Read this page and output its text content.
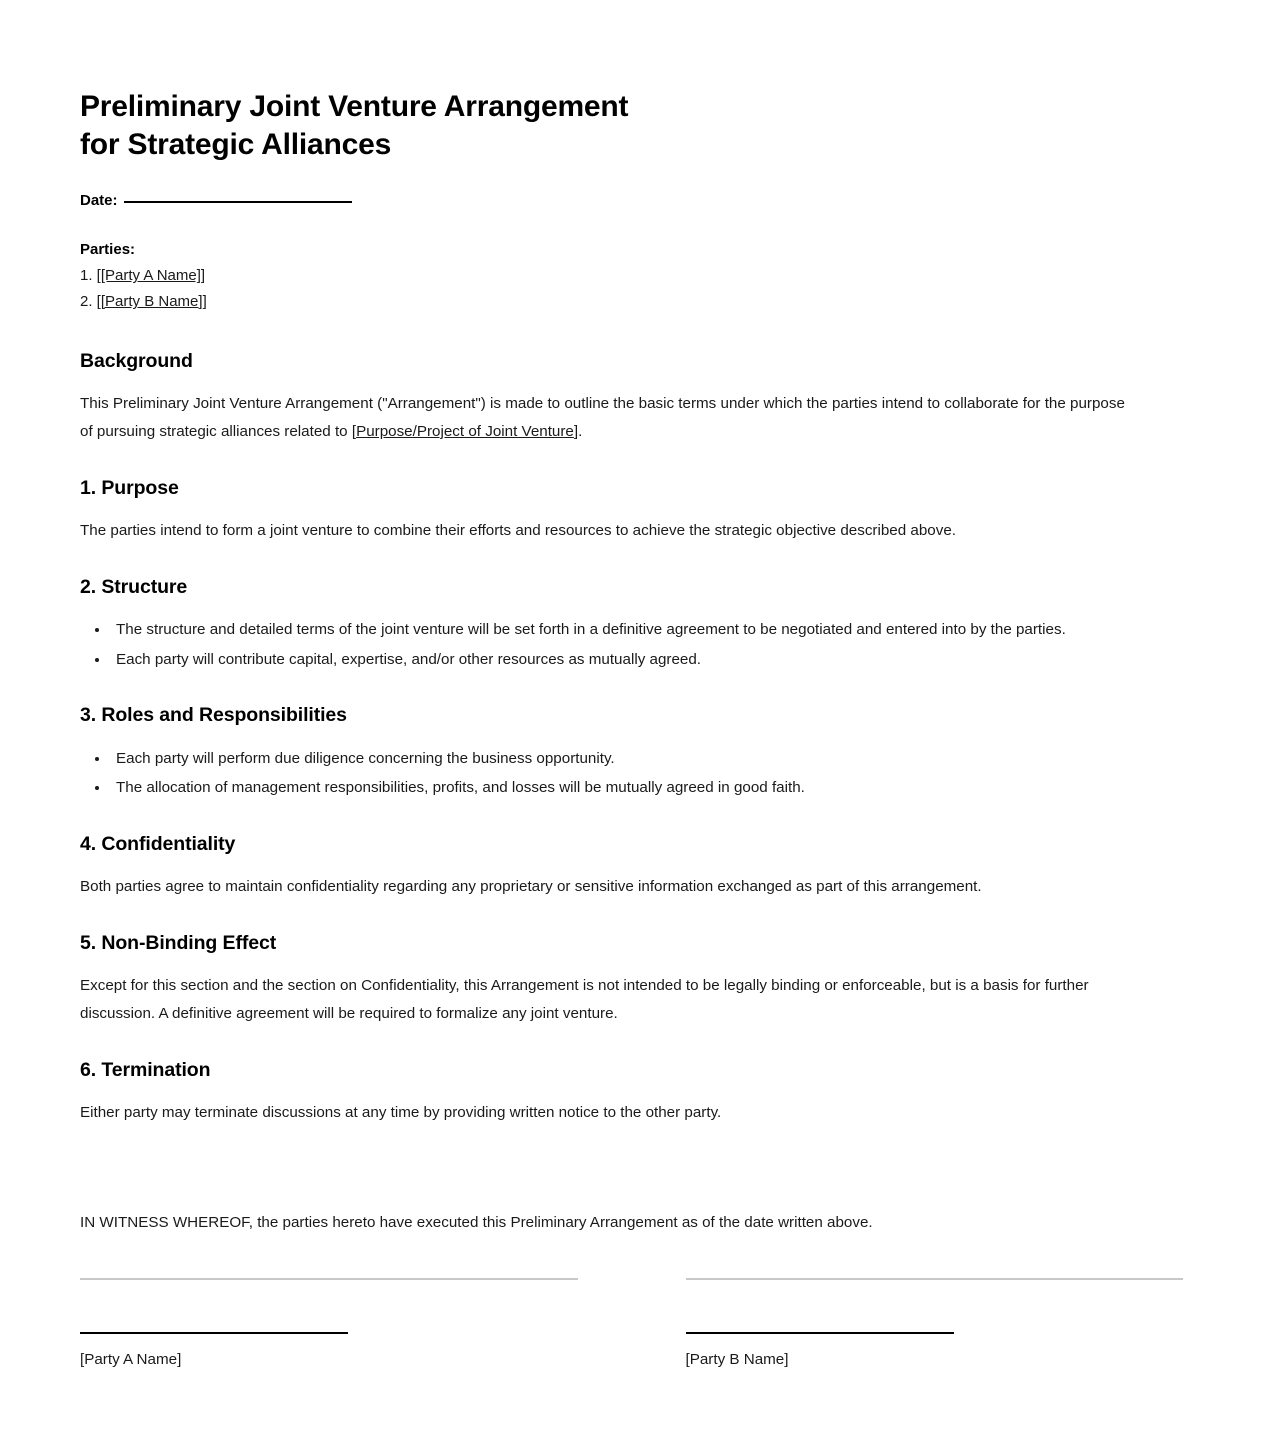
Preliminary Joint Venture Arrangement
for Strategic Alliances
Date:
Parties:
1. [[Party A Name]]
2. [[Party B Name]]
Background

This Preliminary Joint Venture Arrangement ("Arrangement") is made to outline the basic terms under which the parties intend to collaborate for the purpose of pursuing strategic alliances related to [Purpose/Project of Joint Venture].

1. Purpose

The parties intend to form a joint venture to combine their efforts and resources to achieve the strategic objective described above.

2. Structure
• The structure and detailed terms of the joint venture will be set forth in a definitive agreement to be negotiated and entered into by the parties.
• Each party will contribute capital, expertise, and/or other resources as mutually agreed.
3. Roles and Responsibilities
• Each party will perform due diligence concerning the business opportunity.
• The allocation of management responsibilities, profits, and losses will be mutually agreed in good faith.
4. Confidentiality

Both parties agree to maintain confidentiality regarding any proprietary or sensitive information exchanged as part of this arrangement.

5. Non-Binding Effect

Except for this section and the section on Confidentiality, this Arrangement is not intended to be legally binding or enforceable, but is a basis for further discussion. A definitive agreement will be required to formalize any joint venture.

6. Termination

Either party may terminate discussions at any time by providing written notice to the other party.

IN WITNESS WHEREOF, the parties hereto have executed this Preliminary Arrangement as of the date written above.

[Party A Name]	[Party B Name]
